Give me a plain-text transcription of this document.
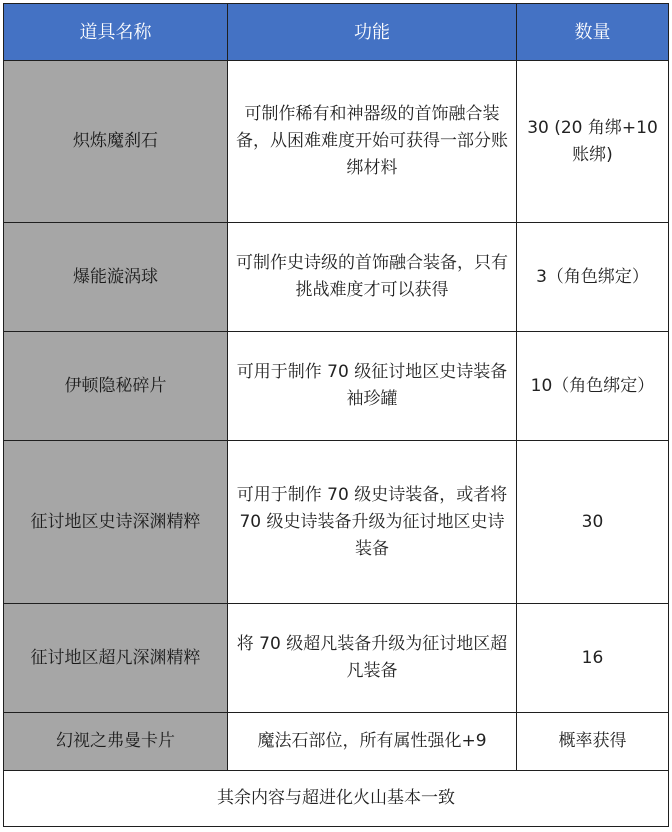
道具名称	功能	数量
炽炼魔刹石	可制作稀有和神器级的首饰融合装备，从困难难度开始可获得一部分账绑材料	30 (20 角绑+10 账绑)
爆能漩涡球	可制作史诗级的首饰融合装备，只有挑战难度才可以获得	3（角色绑定）
伊顿隐秘碎片	可用于制作 70 级征讨地区史诗装备袖珍罐	10（角色绑定）
征讨地区史诗深渊精粹	可用于制作 70 级史诗装备，或者将 70 级史诗装备升级为征讨地区史诗装备	30
征讨地区超凡深渊精粹	将 70 级超凡装备升级为征讨地区超凡装备	16
幻视之弗曼卡片	魔法石部位，所有属性强化+9	概率获得
其余内容与超进化火山基本一致		
